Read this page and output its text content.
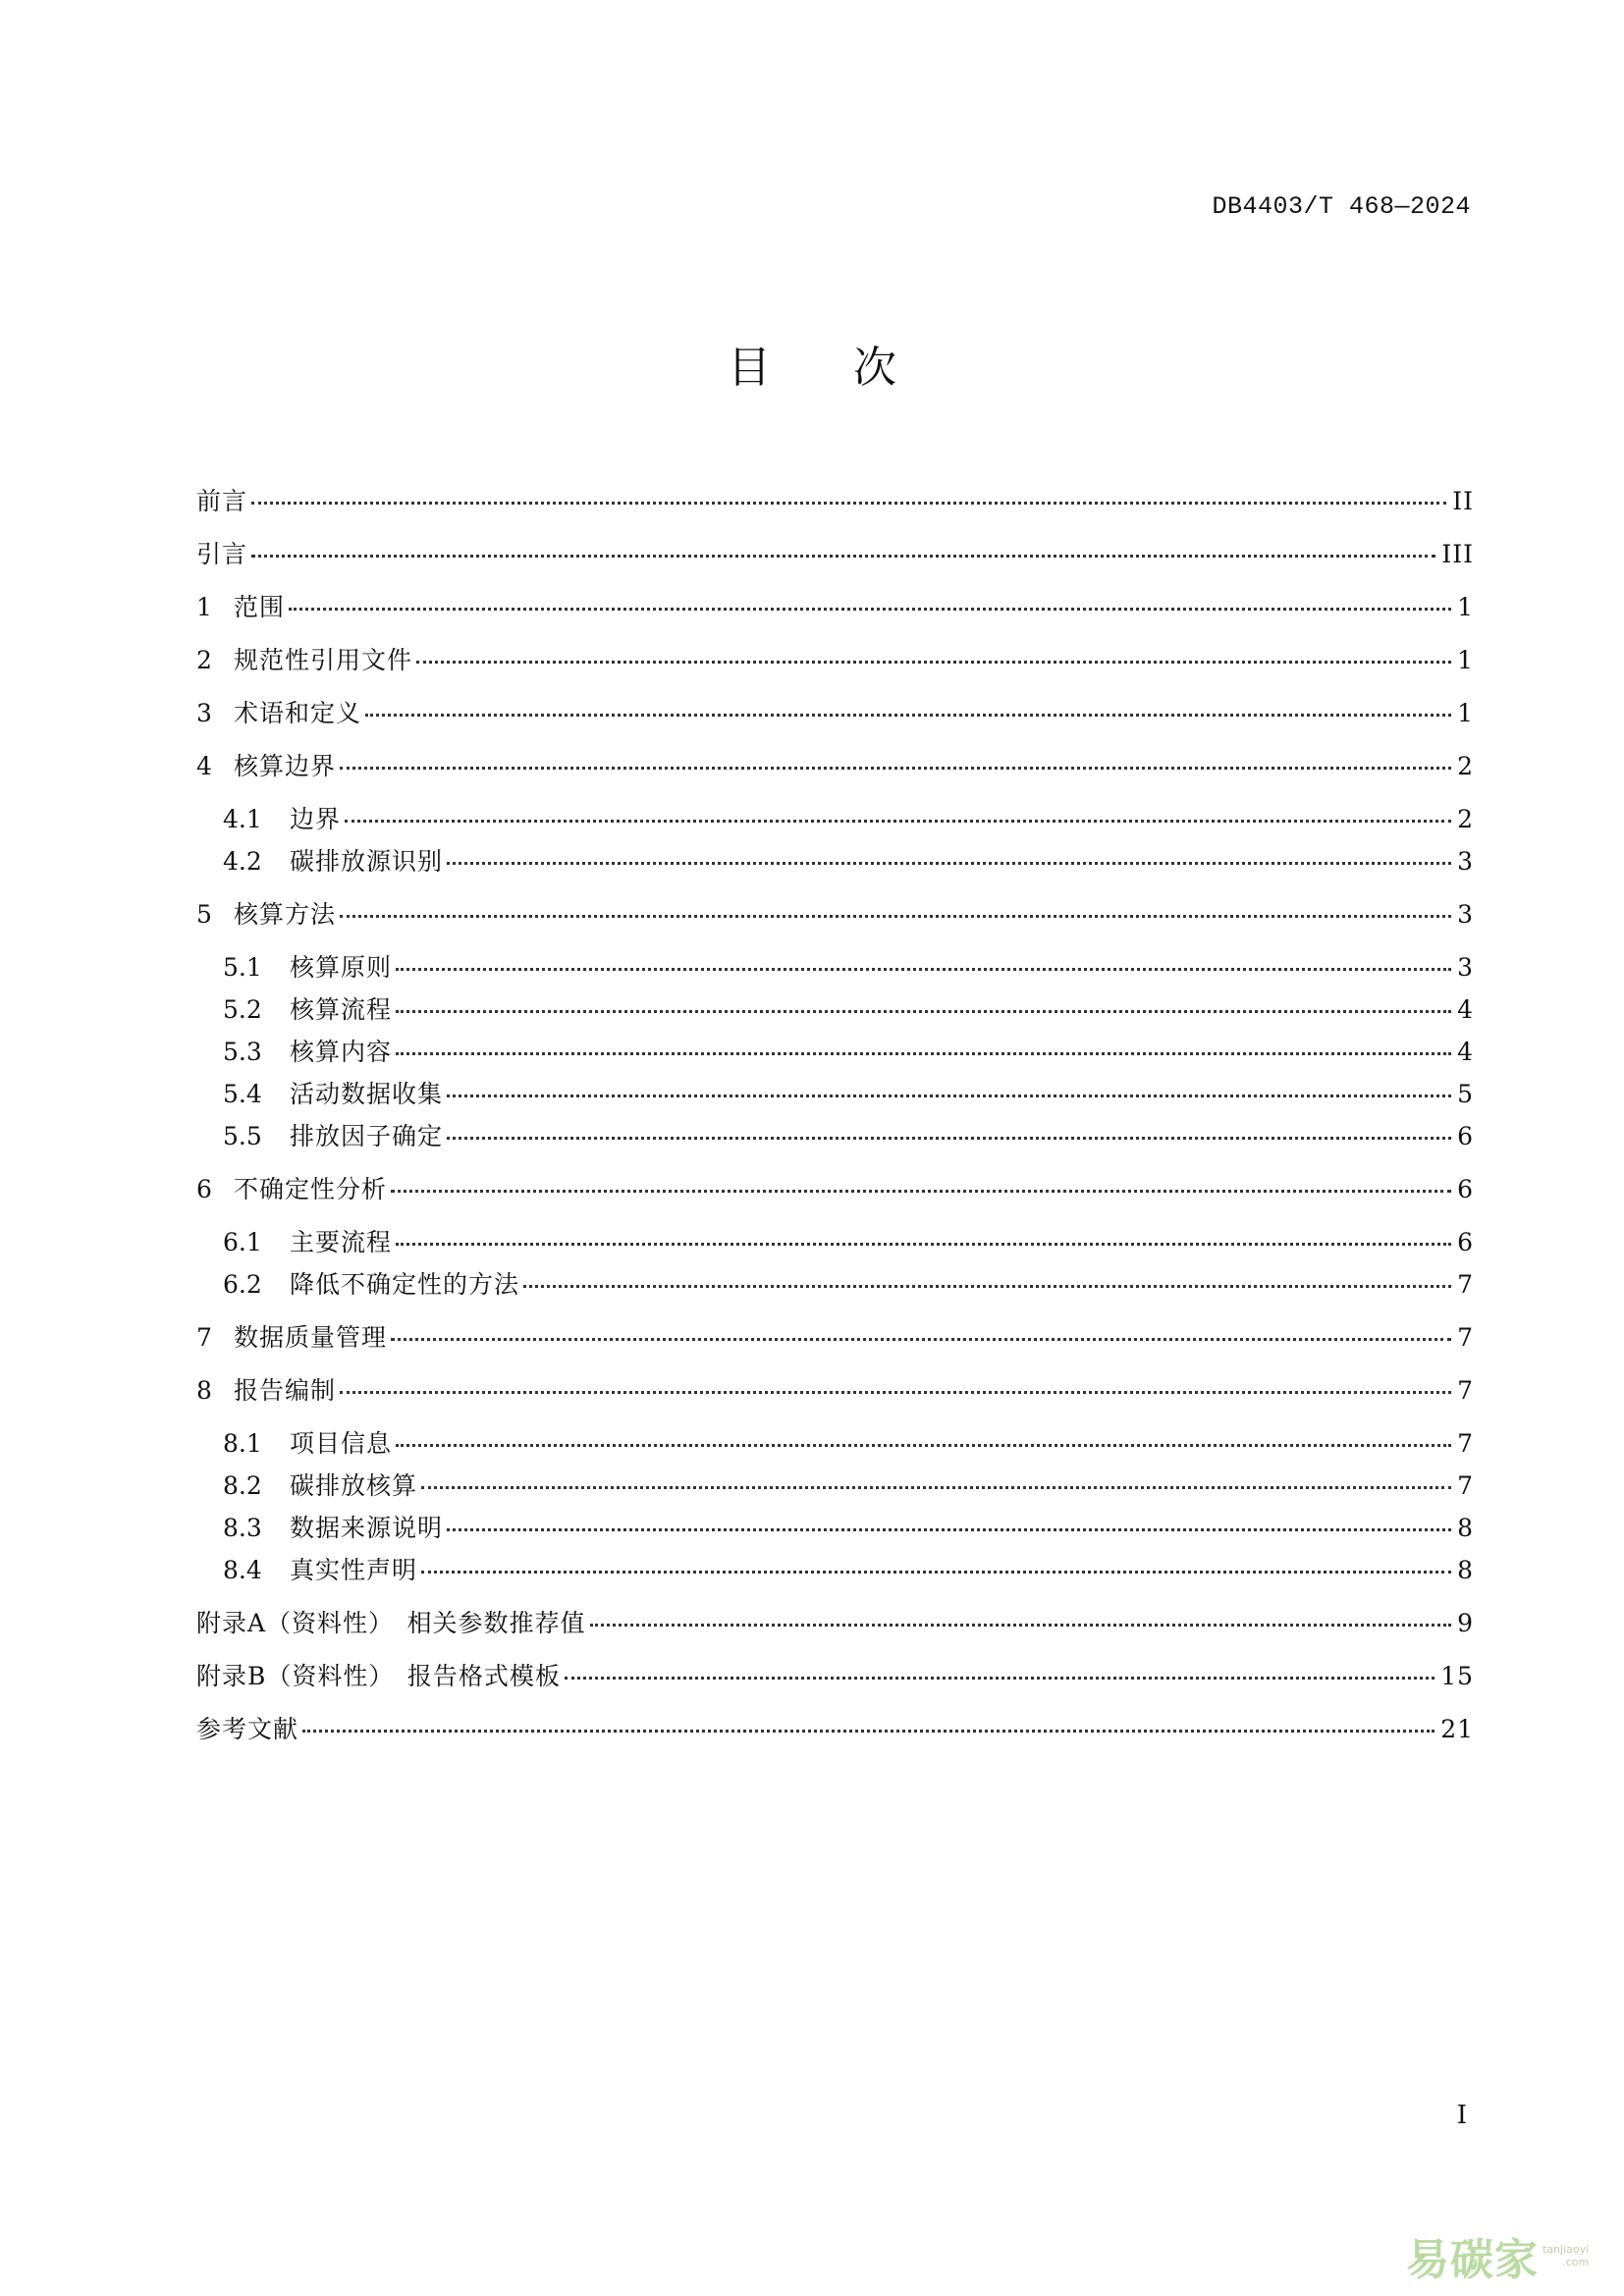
DB4403/T 468—2024
目次
前言	II
引言	III
1 范围	1
2 规范性引用文件	1
3 术语和定义	1
4 核算边界	2
4.1	边界	2
4.2	碳排放源识别	3
5 核算方法	3
5.1	核算原则	3
5.2	核算流程	4
5.3	核算内容	4
5.4	活动数据收集	5
5.5	排放因子确定	6
6 不确定性分析	6
6.1	主要流程	6
6.2	降低不确定性的方法	7
7 数据质量管理	7
8 报告编制	7
8.1	项目信息	7
8.2	碳排放核算	7
8.3	数据来源说明	8
8.4	真实性声明	8
附录A（资料性）　相关参数推荐值	9
附录B（资料性）　报告格式模板	15
参考文献	21
I
易碳家 tanjiaoyi
.com
